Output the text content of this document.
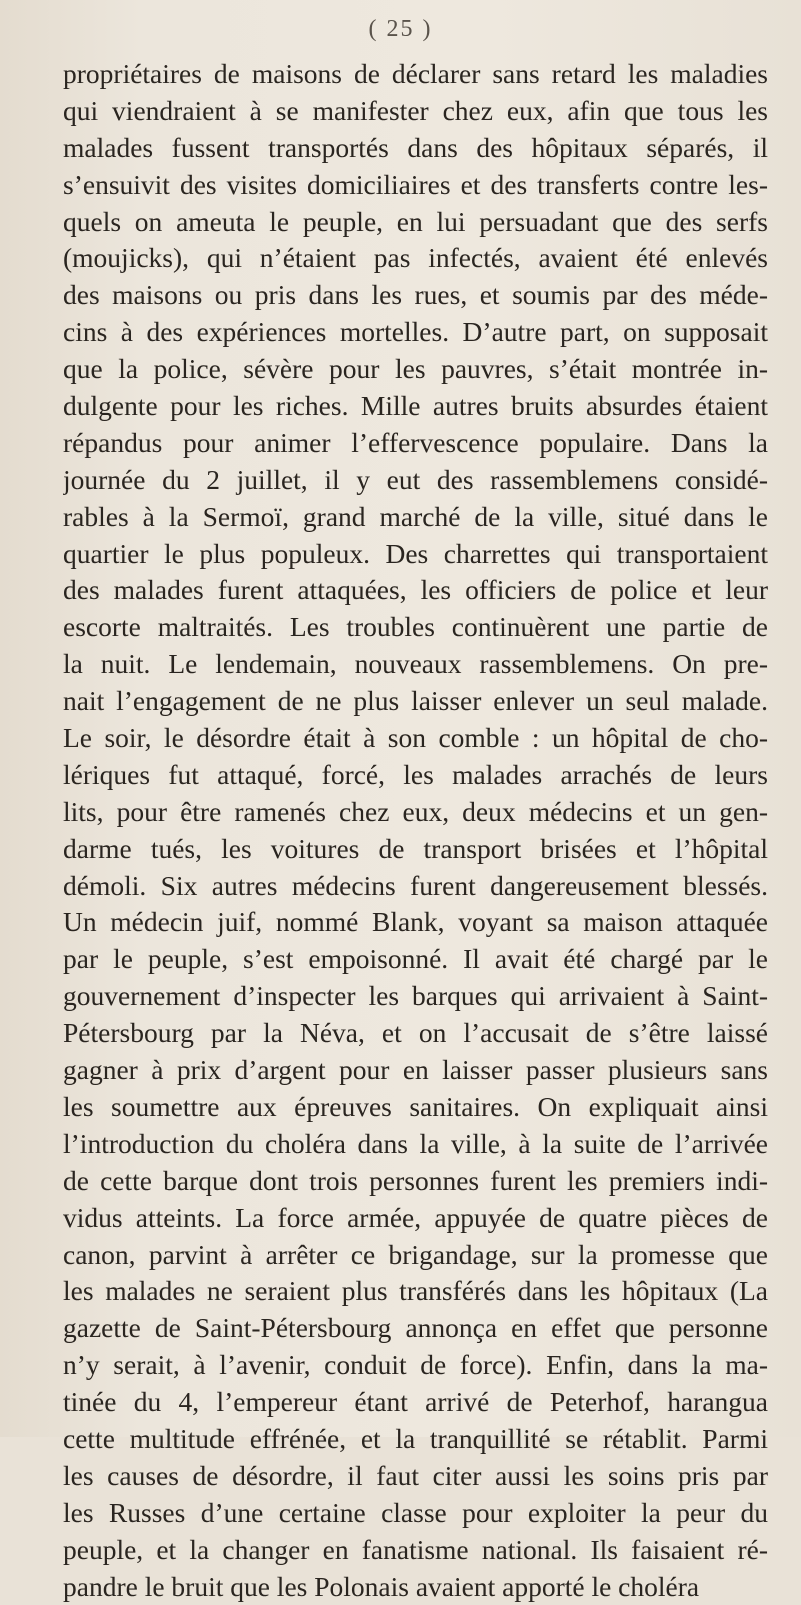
( 25 )
propriétaires de maisons de déclarer sans retard les maladies
qui viendraient à se manifester chez eux, afin que tous les
malades fussent transportés dans des hôpitaux séparés, il
s’ensuivit des visites domiciliaires et des transferts contre les-
quels on ameuta le peuple, en lui persuadant que des serfs
(moujicks), qui n’étaient pas infectés, avaient été enlevés
des maisons ou pris dans les rues, et soumis par des méde-
cins à des expériences mortelles. D’autre part, on supposait
que la police, sévère pour les pauvres, s’était montrée in-
dulgente pour les riches. Mille autres bruits absurdes étaient
répandus pour animer l’effervescence populaire. Dans la
journée du 2 juillet, il y eut des rassemblemens considé-
rables à la Sermoï, grand marché de la ville, situé dans le
quartier le plus populeux. Des charrettes qui transportaient
des malades furent attaquées, les officiers de police et leur
escorte maltraités. Les troubles continuèrent une partie de
la nuit. Le lendemain, nouveaux rassemblemens. On pre-
nait l’engagement de ne plus laisser enlever un seul malade.
Le soir, le désordre était à son comble : un hôpital de cho-
lériques fut attaqué, forcé, les malades arrachés de leurs
lits, pour être ramenés chez eux, deux médecins et un gen-
darme tués, les voitures de transport brisées et l’hôpital
démoli. Six autres médecins furent dangereusement blessés.
Un médecin juif, nommé Blank, voyant sa maison attaquée
par le peuple, s’est empoisonné. Il avait été chargé par le
gouvernement d’inspecter les barques qui arrivaient à Saint-
Pétersbourg par la Néva, et on l’accusait de s’être laissé
gagner à prix d’argent pour en laisser passer plusieurs sans
les soumettre aux épreuves sanitaires. On expliquait ainsi
l’introduction du choléra dans la ville, à la suite de l’arrivée
de cette barque dont trois personnes furent les premiers indi-
vidus atteints. La force armée, appuyée de quatre pièces de
canon, parvint à arrêter ce brigandage, sur la promesse que
les malades ne seraient plus transférés dans les hôpitaux (La
gazette de Saint-Pétersbourg annonça en effet que personne
n’y serait, à l’avenir, conduit de force). Enfin, dans la ma-
tinée du 4, l’empereur étant arrivé de Peterhof, harangua
cette multitude effrénée, et la tranquillité se rétablit. Parmi
les causes de désordre, il faut citer aussi les soins pris par
les Russes d’une certaine classe pour exploiter la peur du
peuple, et la changer en fanatisme national. Ils faisaient ré-
pandre le bruit que les Polonais avaient apporté le choléra
